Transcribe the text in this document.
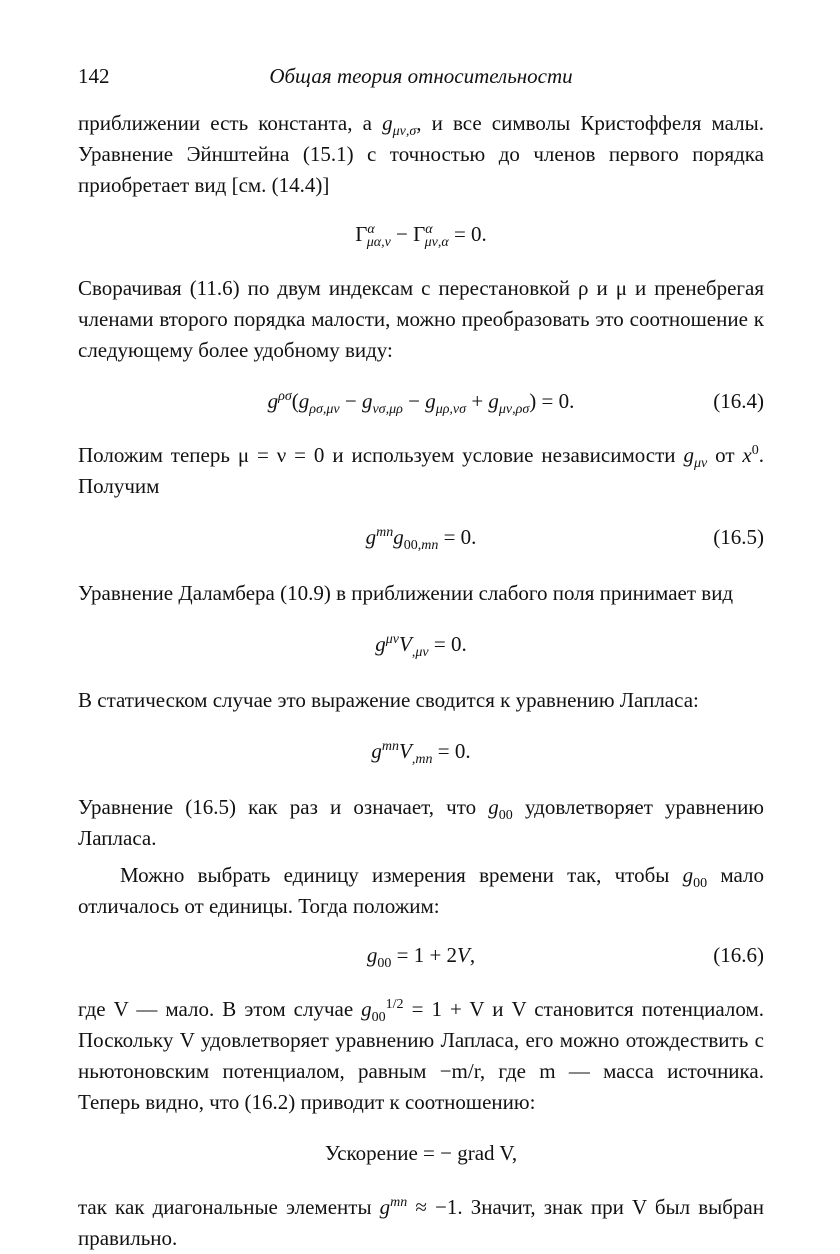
142	Общая теория относительности

приближении есть константа, а $g_{\mu\nu,\sigma}$, и все символы Кристоффеля малы. Уравнение Эйнштейна (15.1) с точностью до членов первого порядка приобретает вид [см. (14.4)]

$\Gamma^\alpha_{\mu\alpha,\nu} - \Gamma^\alpha_{\mu\nu,\alpha} = 0$.

Сворачивая (11.6) по двум индексам с перестановкой ρ и μ и пренебрегая членами второго порядка малости, можно преобразовать это соотношение к следующему более удобному виду:

$g^{\rho\sigma}(g_{\rho\sigma,\mu\nu} - g_{\nu\sigma,\mu\rho} - g_{\mu\rho,\nu\sigma} + g_{\mu\nu,\rho\sigma}) = 0$.	(16.4)

Положим теперь μ = ν = 0 и используем условие независимости $g_{\mu\nu}$ от $x^0$. Получим

$g^{mn}g_{00,mn} = 0$.	(16.5)

Уравнение Даламбера (10.9) в приближении слабого поля принимает вид

$g^{\mu\nu}V_{,\mu\nu} = 0$.

В статическом случае это выражение сводится к уравнению Лапласа:

$g^{mn}V_{,mn} = 0$.

Уравнение (16.5) как раз и означает, что $g_{00}$ удовлетворяет уравнению Лапласа.

Можно выбрать единицу измерения времени так, чтобы $g_{00}$ мало отличалось от единицы. Тогда положим:

$g_{00} = 1 + 2V$,	(16.6)

где V — мало. В этом случае $g_{00}^{1/2} = 1 + V$ и V становится потенциалом. Поскольку V удовлетворяет уравнению Лапласа, его можно отождествить с ньютоновским потенциалом, равным −m/r, где m — масса источника. Теперь видно, что (16.2) приводит к соотношению:

Ускорение = − grad V,

так как диагональные элементы $g^{mn} \approx -1$. Значит, знак при V был выбран правильно.
